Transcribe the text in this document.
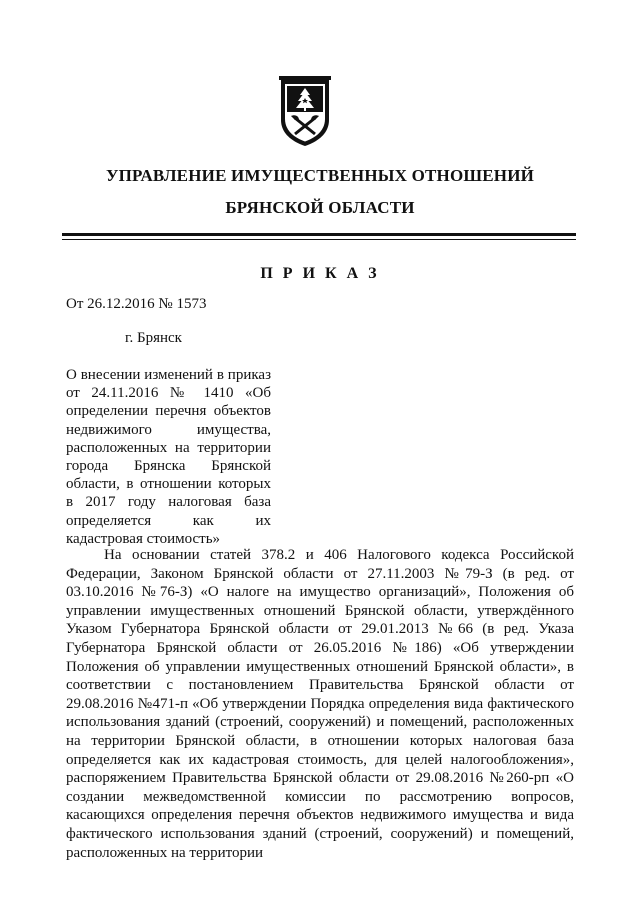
УПРАВЛЕНИЕ ИМУЩЕСТВЕННЫХ ОТНОШЕНИЙ
БРЯНСКОЙ ОБЛАСТИ
П Р И К А З
От 26.12.2016 № 1573
г. Брянск
О внесении изменений в приказ от 24.11.2016 № 1410 «Об определении перечня объектов недвижимого имущества, расположенных на территории города Брянска Брянской области, в отношении которых в 2017 году налоговая база определяется как их кадастровая стоимость»
На основании статей 378.2 и 406 Налогового кодекса Российской Федерации, Законом Брянской области от 27.11.2003 №79-З (в ред. от 03.10.2016 №76-З) «О налоге на имущество организаций», Положения об управлении имущественных отношений Брянской области, утверждённого Указом Губернатора Брянской области от 29.01.2013 №66 (в ред. Указа Губернатора Брянской области от 26.05.2016 №186) «Об утверждении Положения об управлении имущественных отношений Брянской области», в соответствии с постановлением Правительства Брянской области от 29.08.2016 №471-п «Об утверждении Порядка определения вида фактического использования зданий (строений, сооружений) и помещений, расположенных на территории Брянской области, в отношении которых налоговая база определяется как их кадастровая стоимость, для целей налогообложения», распоряжением Правительства Брянской области от 29.08.2016 №260-рп «О создании межведомственной комиссии по рассмотрению вопросов, касающихся определения перечня объектов недвижимого имущества и вида фактического использования зданий (строений, сооружений) и помещений, расположенных на территории
